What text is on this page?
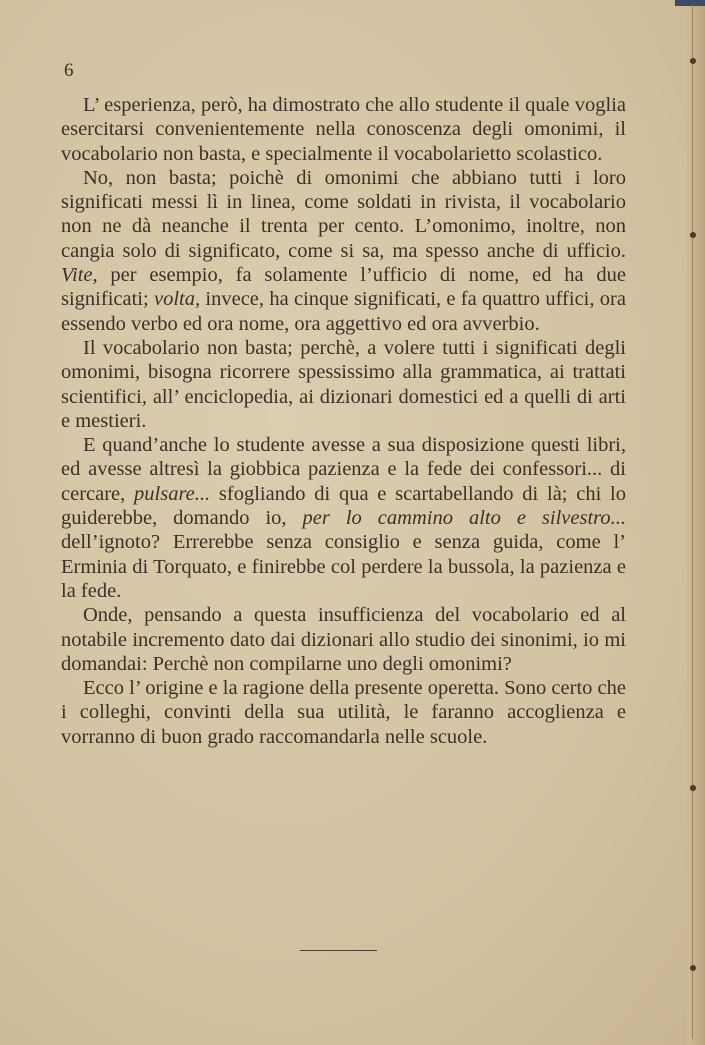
6

L’ esperienza, però, ha dimostrato che allo studente il quale voglia esercitarsi convenientemente nella conoscenza degli omonimi, il vocabolario non basta, e specialmente il vocabolarietto scolastico.

No, non basta; poichè di omonimi che abbiano tutti i loro significati messi lì in linea, come soldati in rivista, il vocabolario non ne dà neanche il trenta per cento. L’omonimo, inoltre, non cangia solo di significato, come si sa, ma spesso anche di ufficio. Vite, per esempio, fa solamente l’ufficio di nome, ed ha due significati; volta, invece, ha cinque significati, e fa quattro uffici, ora essendo verbo ed ora nome, ora aggettivo ed ora avverbio.

Il vocabolario non basta; perchè, a volere tutti i significati degli omonimi, bisogna ricorrere spessissimo alla grammatica, ai trattati scientifici, all’ enciclopedia, ai dizionari domestici ed a quelli di arti e mestieri.

E quand’anche lo studente avesse a sua disposizione questi libri, ed avesse altresì la giobbica pazienza e la fede dei confessori... di cercare, pulsare... sfogliando di qua e scartabellando di là; chi lo guiderebbe, domando io, per lo cammino alto e silvestro... dell’ignoto? Errerebbe senza consiglio e senza guida, come l’ Erminia di Torquato, e finirebbe col perdere la bussola, la pazienza e la fede.

Onde, pensando a questa insufficienza del vocabolario ed al notabile incremento dato dai dizionari allo studio dei sinonimi, io mi domandai: Perchè non compilarne uno degli omonimi?

Ecco l’ origine e la ragione della presente operetta. Sono certo che i colleghi, convinti della sua utilità, le faranno accoglienza e vorranno di buon grado raccomandarla nelle scuole.
